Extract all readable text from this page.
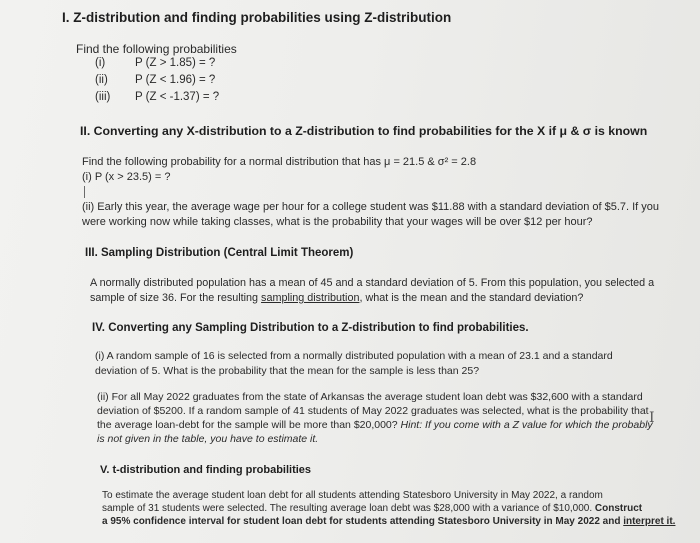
I. Z-distribution and finding probabilities using Z-distribution
Find the following probabilities
(i)	P (Z > 1.85) = ?
(ii) P (Z < 1.96) = ?
(iii) P (Z < -1.37) = ?
II. Converting any X-distribution to a Z-distribution to find probabilities for the X if μ & σ is known
Find the following probability for a normal distribution that has μ = 21.5 & σ² = 2.8
(i) P (x > 23.5) = ?
(ii) Early this year, the average wage per hour for a college student was $11.88 with a standard deviation of $5.7. If you
were working now while taking classes, what is the probability that your wages will be over $12 per hour?
III. Sampling Distribution (Central Limit Theorem)
A normally distributed population has a mean of 45 and a standard deviation of 5. From this population, you selected a
sample of size 36. For the resulting sampling distribution, what is the mean and the standard deviation?
IV. Converting any Sampling Distribution to a Z-distribution to find probabilities.
(i) A random sample of 16 is selected from a normally distributed population with a mean of 23.1 and a standard
deviation of 5. What is the probability that the mean for the sample is less than 25?
(ii) For all May 2022 graduates from the state of Arkansas the average student loan debt was $32,600 with a standard
deviation of $5200. If a random sample of 41 students of May 2022 graduates was selected, what is the probability that
the average loan-debt for the sample will be more than $20,000? Hint: If you come with a Z value for which the probably
is not given in the table, you have to estimate it.
I
V. t-distribution and finding probabilities
To estimate the average student loan debt for all students attending Statesboro University in May 2022, a random
sample of 31 students were selected. The resulting average loan debt was $28,000 with a variance of $10,000. Construct
a 95% confidence interval for student loan debt for students attending Statesboro University in May 2022 and interpret it.
